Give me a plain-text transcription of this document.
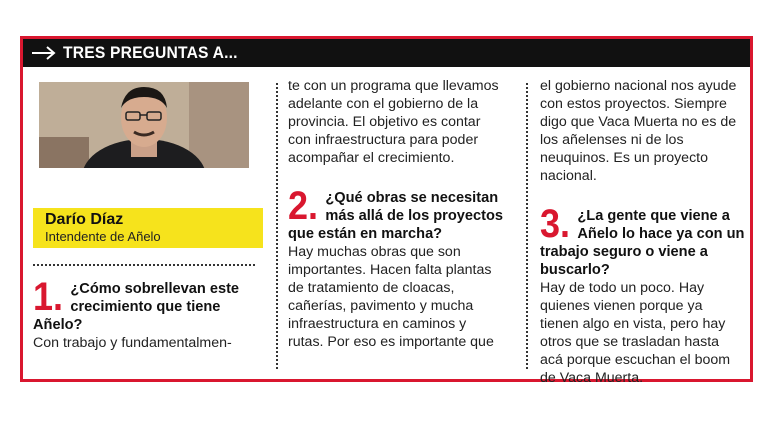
TRES PREGUNTAS A...
Darío Díaz
Intendente de Añelo
1. ¿Cómo sobrellevan este crecimiento que tiene Añelo?
Con trabajo y fundamentalmen-
te con un programa que llevamos adelante con el gobierno de la provincia. El objetivo es contar con infraestructura para poder acompañar el crecimiento.
2. ¿Qué obras se necesitan más allá de los proyectos que están en marcha?
Hay muchas obras que son importantes. Hacen falta plantas de tratamiento de cloacas, cañerías, pavimento y mucha infraestructura en caminos y rutas. Por eso es importante que
el gobierno nacional nos ayude con estos proyectos. Siempre digo que Vaca Muerta no es de los añelenses ni de los neuquinos. Es un proyecto nacional.
3. ¿La gente que viene a Añelo lo hace ya con un trabajo seguro o viene a buscarlo?
Hay de todo un poco. Hay quienes vienen porque ya tienen algo en vista, pero hay otros que se trasladan hasta acá porque escuchan el boom de Vaca Muerta.
